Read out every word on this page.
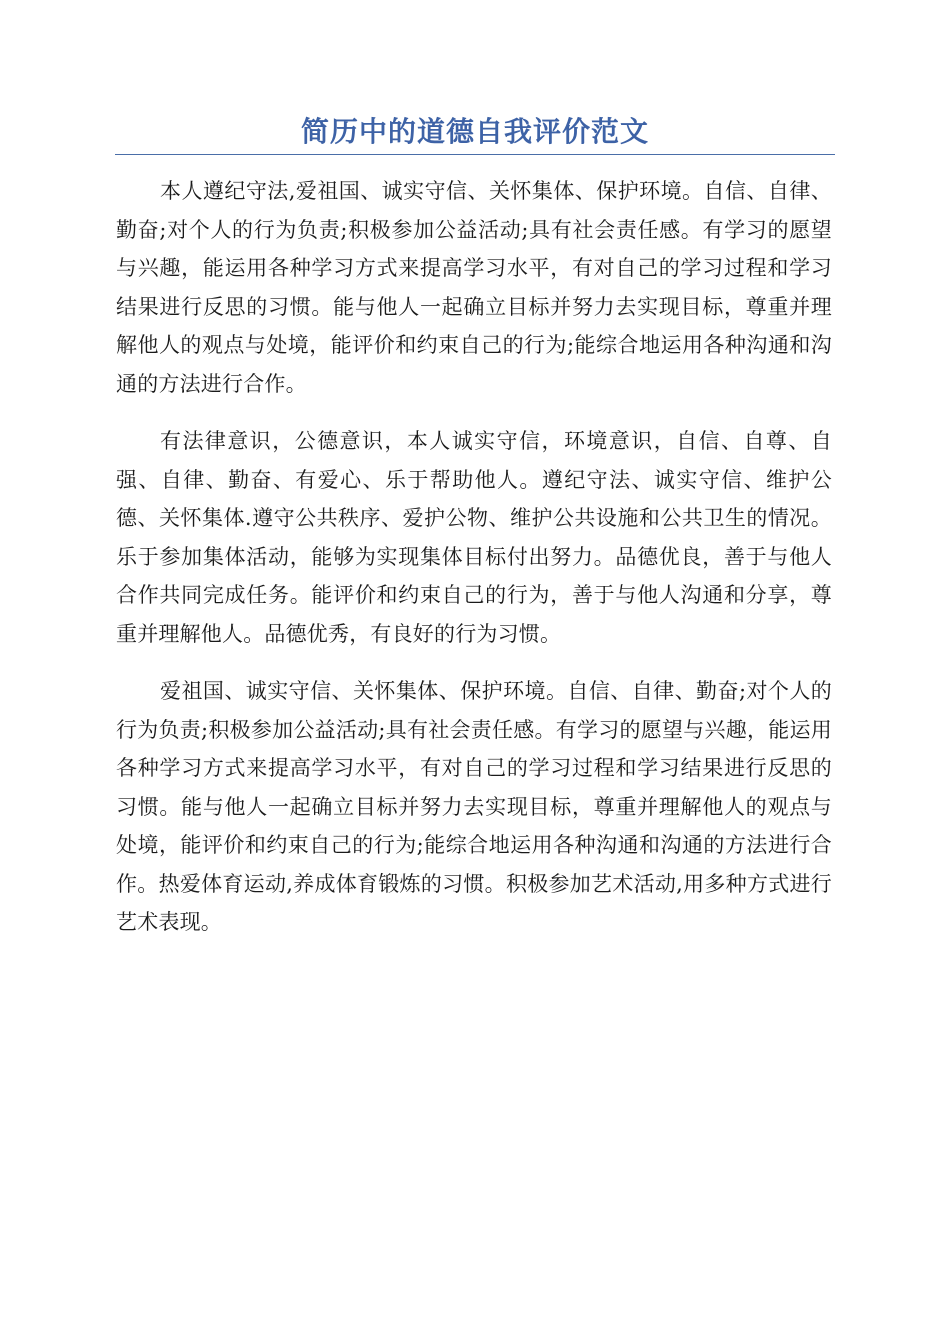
简历中的道德自我评价范文

本人遵纪守法,爱祖国、诚实守信、关怀集体、保护环境。自信、自律、勤奋;对个人的行为负责;积极参加公益活动;具有社会责任感。有学习的愿望与兴趣，能运用各种学习方式来提高学习水平，有对自己的学习过程和学习结果进行反思的习惯。能与他人一起确立目标并努力去实现目标，尊重并理解他人的观点与处境，能评价和约束自己的行为;能综合地运用各种沟通和沟通的方法进行合作。

有法律意识，公德意识，本人诚实守信，环境意识，自信、自尊、自强、自律、勤奋、有爱心、乐于帮助他人。遵纪守法、诚实守信、维护公德、关怀集体.遵守公共秩序、爱护公物、维护公共设施和公共卫生的情况。乐于参加集体活动，能够为实现集体目标付出努力。品德优良，善于与他人合作共同完成任务。能评价和约束自己的行为，善于与他人沟通和分享，尊重并理解他人。品德优秀，有良好的行为习惯。

爱祖国、诚实守信、关怀集体、保护环境。自信、自律、勤奋;对个人的行为负责;积极参加公益活动;具有社会责任感。有学习的愿望与兴趣，能运用各种学习方式来提高学习水平，有对自己的学习过程和学习结果进行反思的习惯。能与他人一起确立目标并努力去实现目标，尊重并理解他人的观点与处境，能评价和约束自己的行为;能综合地运用各种沟通和沟通的方法进行合作。热爱体育运动,养成体育锻炼的习惯。积极参加艺术活动,用多种方式进行艺术表现。
